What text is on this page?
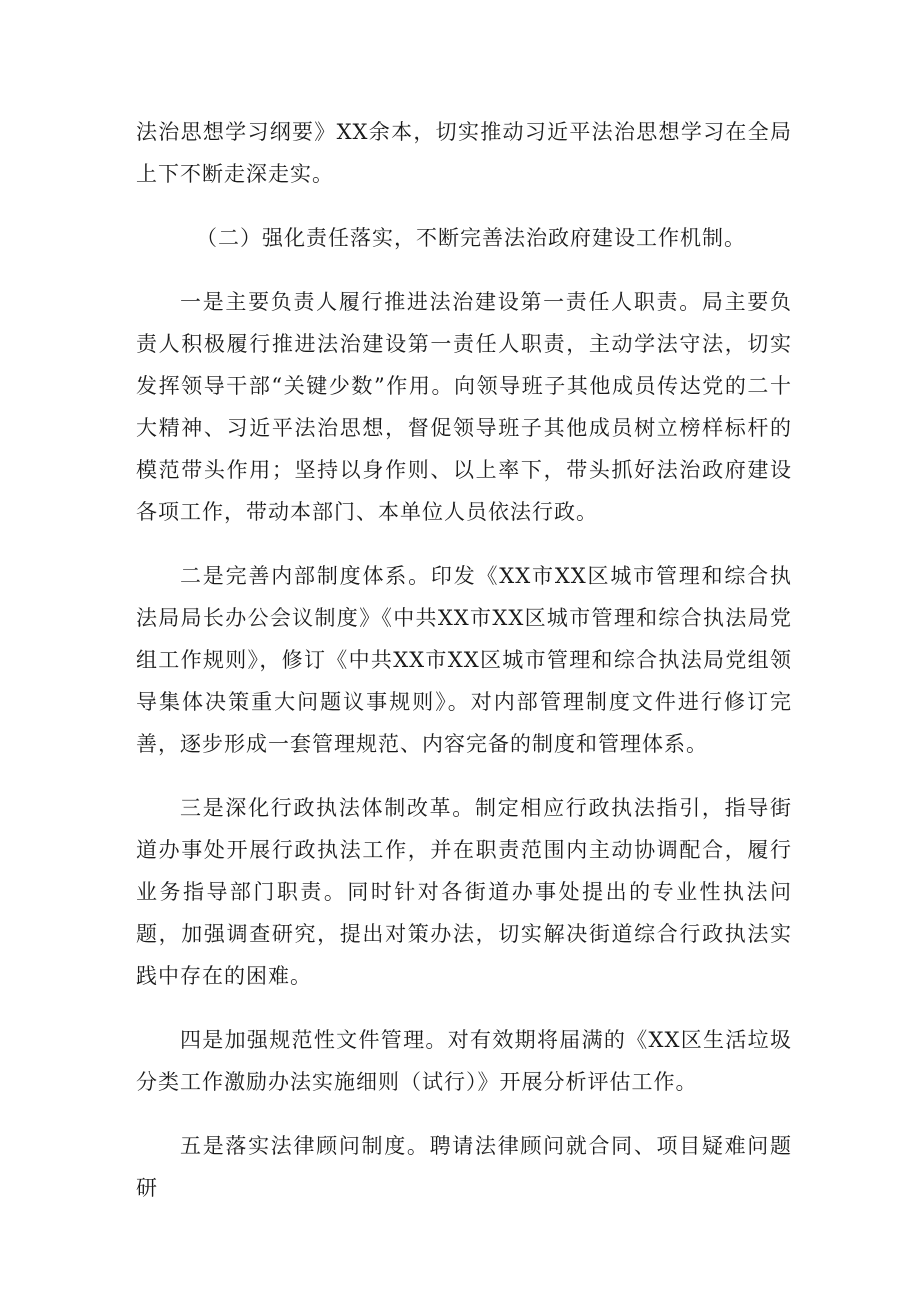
法治思想学习纲要》XX余本，切实推动习近平法治思想学习在全局上下不断走深走实。

（二）强化责任落实，不断完善法治政府建设工作机制。

一是主要负责人履行推进法治建设第一责任人职责。局主要负责人积极履行推进法治建设第一责任人职责，主动学法守法，切实发挥领导干部“关键少数”作用。向领导班子其他成员传达党的二十大精神、习近平法治思想，督促领导班子其他成员树立榜样标杆的模范带头作用；坚持以身作则、以上率下，带头抓好法治政府建设各项工作，带动本部门、本单位人员依法行政。

二是完善内部制度体系。印发《XX市XX区城市管理和综合执法局局长办公会议制度》《中共XX市XX区城市管理和综合执法局党组工作规则》，修订《中共XX市XX区城市管理和综合执法局党组领导集体决策重大问题议事规则》。对内部管理制度文件进行修订完善，逐步形成一套管理规范、内容完备的制度和管理体系。

三是深化行政执法体制改革。制定相应行政执法指引，指导街道办事处开展行政执法工作，并在职责范围内主动协调配合，履行业务指导部门职责。同时针对各街道办事处提出的专业性执法问题，加强调查研究，提出对策办法，切实解决街道综合行政执法实践中存在的困难。

四是加强规范性文件管理。对有效期将届满的《XX区生活垃圾分类工作激励办法实施细则（试行）》开展分析评估工作。

五是落实法律顾问制度。聘请法律顾问就合同、项目疑难问题研
